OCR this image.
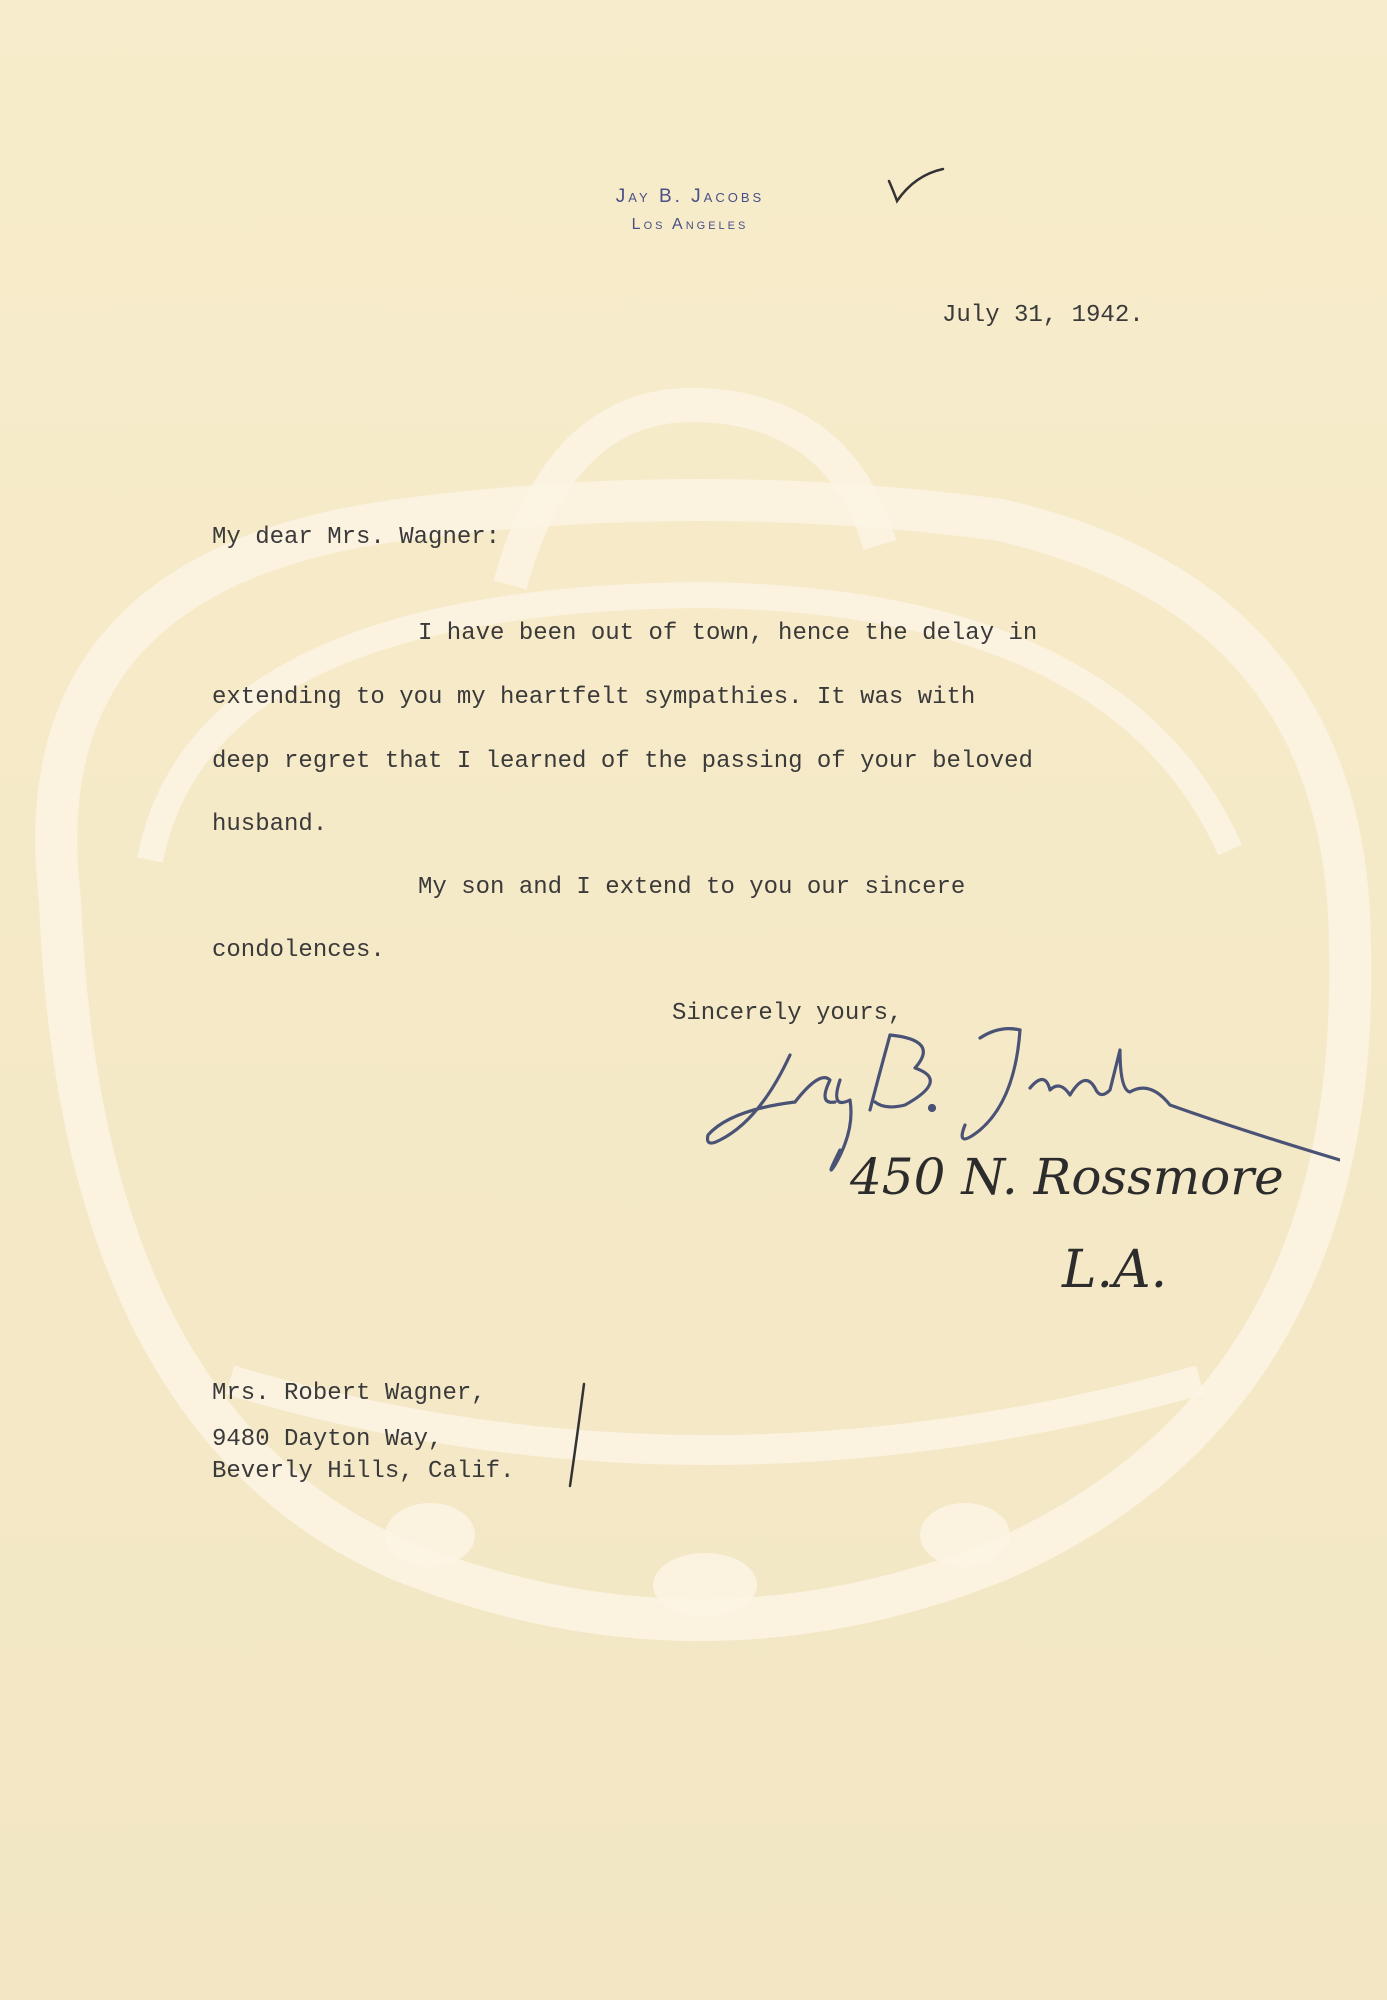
Jay B. Jacobs
Los Angeles
July 31, 1942.
My dear Mrs. Wagner:
I have been out of town, hence the delay in
extending to you my heartfelt sympathies. It was with
deep regret that I learned of the passing of your beloved
husband.
My son and I extend to you our sincere
condolences.
Sincerely yours,
450 N. Rossmore
L.A.
Mrs. Robert Wagner,
9480 Dayton Way,
Beverly Hills, Calif.
